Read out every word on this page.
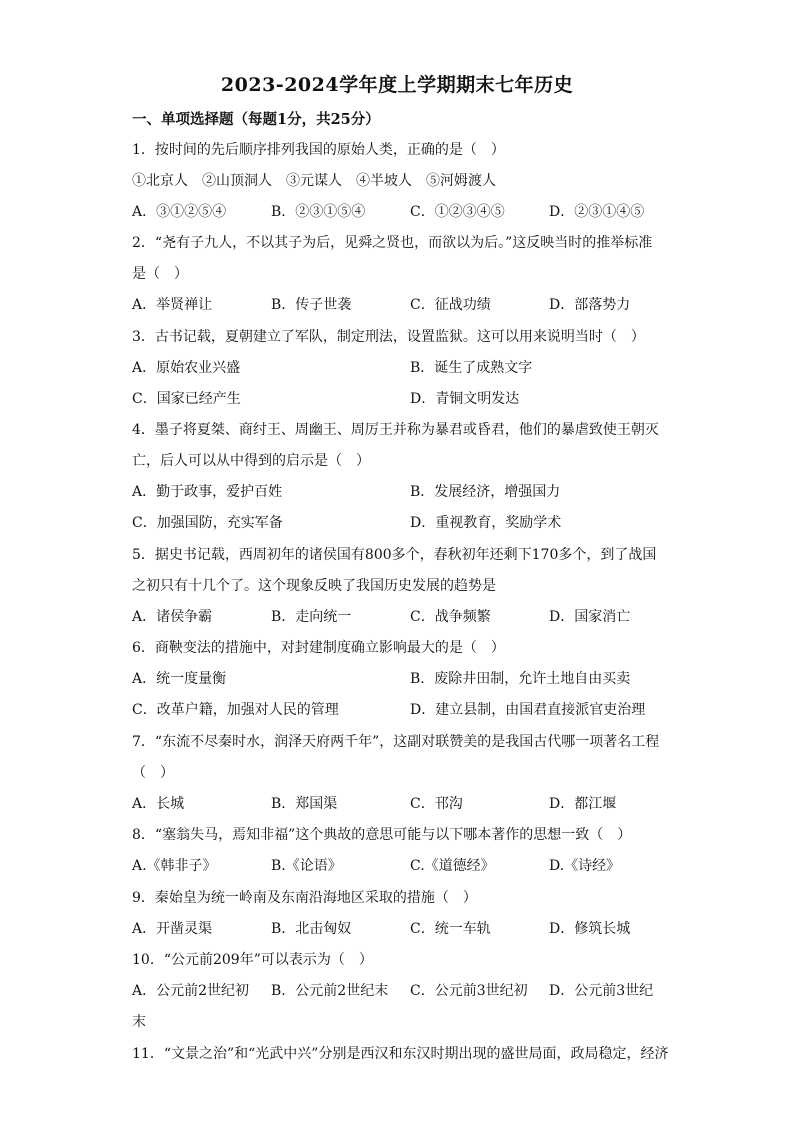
2023-2024学年度上学期期末七年历史
一、单项选择题（每题1分，共25分）
1．按时间的先后顺序排列我国的原始人类，正确的是（　）
①北京人　②山顶洞人　③元谋人　④半坡人　⑤河姆渡人
A．③①②⑤④	B．②③①⑤④	C．①②③④⑤	D．②③①④⑤
2．“尧有子九人，不以其子为后，见舜之贤也，而欲以为后。”这反映当时的推举标准
是（　）
A．举贤禅让	B．传子世袭	C．征战功绩	D．部落势力
3．古书记载，夏朝建立了军队，制定刑法，设置监狱。这可以用来说明当时（　）
A．原始农业兴盛	B．诞生了成熟文字
C．国家已经产生	D．青铜文明发达
4．墨子将夏桀、商纣王、周幽王、周厉王并称为暴君或昏君，他们的暴虐致使王朝灭
亡，后人可以从中得到的启示是（　）
A．勤于政事，爱护百姓	B．发展经济，增强国力
C．加强国防，充实军备	D．重视教育，奖励学术
5．据史书记载，西周初年的诸侯国有800多个，春秋初年还剩下170多个，到了战国
之初只有十几个了。这个现象反映了我国历史发展的趋势是
A．诸侯争霸	B．走向统一	C．战争频繁	D．国家消亡
6．商鞅变法的措施中，对封建制度确立影响最大的是（　）
A．统一度量衡	B．废除井田制，允许土地自由买卖
C．改革户籍，加强对人民的管理	D．建立县制，由国君直接派官吏治理
7．“东流不尽秦时水，润泽天府两千年”，这副对联赞美的是我国古代哪一项著名工程
（　）
A．长城	B．郑国渠	C．邗沟	D．都江堰
8．“塞翁失马，焉知非福”这个典故的意思可能与以下哪本著作的思想一致（　）
A.《韩非子》	B.《论语》	C.《道德经》	D.《诗经》
9．秦始皇为统一岭南及东南沿海地区采取的措施（　）
A．开凿灵渠	B．北击匈奴	C．统一车轨	D．修筑长城
10．“公元前209年”可以表示为（　）
A．公元前2世纪初 B．公元前2世纪末 C．公元前3世纪初 D．公元前3世纪
末
11．“文景之治”和“光武中兴”分别是西汉和东汉时期出现的盛世局面，政局稳定，经济
